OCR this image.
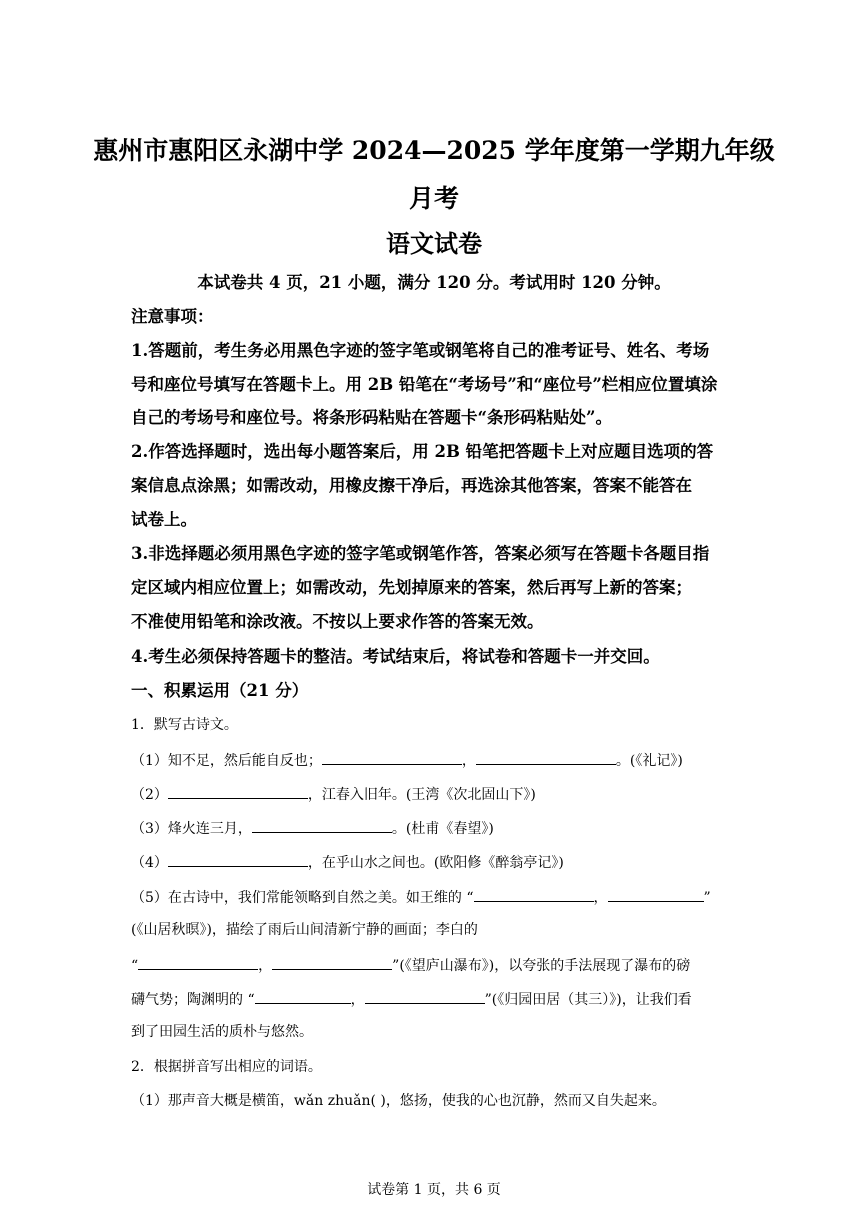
惠州市惠阳区永湖中学 2024—2025 学年度第一学期九年级
月考
语文试卷
本试卷共 4 页，21 小题，满分 120 分。考试用时 120 分钟。
注意事项：
1.答题前，考生务必用黑色字迹的签字笔或钢笔将自己的准考证号、姓名、考场
号和座位号填写在答题卡上。用 2B 铅笔在“考场号”和“座位号”栏相应位置填涂
自己的考场号和座位号。将条形码粘贴在答题卡“条形码粘贴处”。
2.作答选择题时，选出每小题答案后，用 2B 铅笔把答题卡上对应题目选项的答
案信息点涂黑；如需改动，用橡皮擦干净后，再选涂其他答案，答案不能答在
试卷上。
3.非选择题必须用黑色字迹的签字笔或钢笔作答，答案必须写在答题卡各题目指
定区域内相应位置上；如需改动，先划掉原来的答案，然后再写上新的答案；
不准使用铅笔和涂改液。不按以上要求作答的答案无效。
4.考生必须保持答题卡的整洁。考试结束后，将试卷和答题卡一并交回。
一、积累运用（21 分）
1．默写古诗文。
（1）知不足，然后能自反也；	，	。(《礼记》)
（2）	，江春入旧年。(王湾《次北固山下》)
（3）烽火连三月，	。(杜甫《春望》)
（4）	，在乎山水之间也。(欧阳修《醉翁亭记》)
（5）在古诗中，我们常能领略到自然之美。如王维的 “	，	”
(《山居秋暝》)，描绘了雨后山间清新宁静的画面；李白的
“	，	”(《望庐山瀑布》)，以夸张的手法展现了瀑布的磅
礴气势；陶渊明的 “	，	”(《归园田居（其三）》)，让我们看
到了田园生活的质朴与悠然。
2．根据拼音写出相应的词语。
（1）那声音大概是横笛，wǎn zhuǎn( )，悠扬，使我的心也沉静，然而又自失起来。
试卷第 1 页，共 6 页
